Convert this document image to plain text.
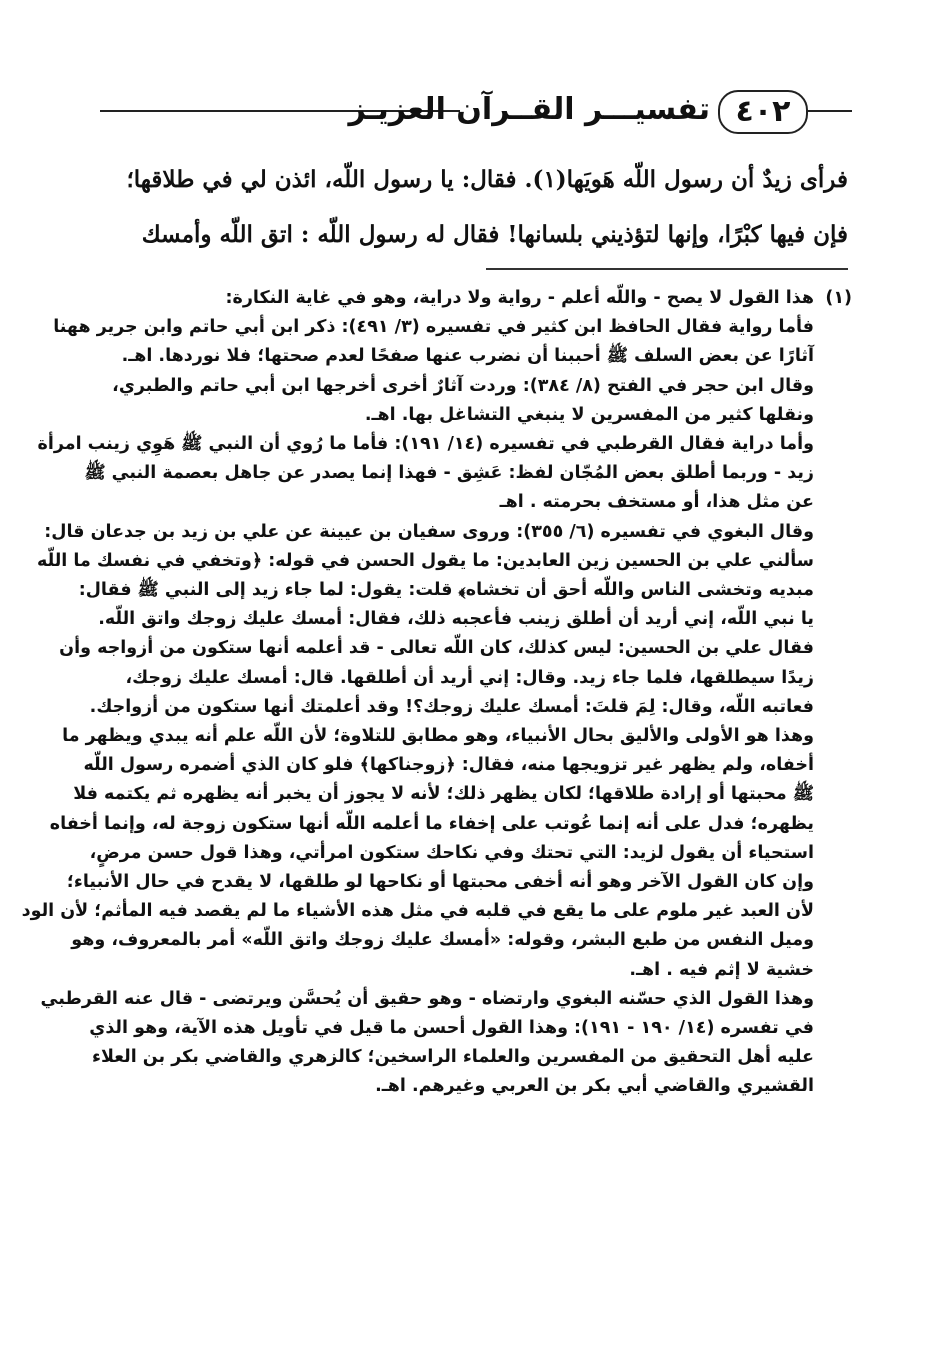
٤٠٢
تفسيـــر القــرآن العزيـز

فرأى زيدٌ أن رسول اللّه هَويَها(١). فقال: يا رسول اللّه، ائذن لي في طلاقها؛

فإن فيها كبْرًا، وإنها لتؤذيني بلسانها! فقال له رسول اللّه : اتق اللّه وأمسك

(١)هذا القول لا يصح - واللّه أعلم - رواية ولا دراية، وهو في غاية النكارة:

فأما رواية فقال الحافظ ابن كثير في تفسيره (٣/ ٤٩١): ذكر ابن أبي حاتم وابن جرير ههنا

آثارًا عن بعض السلف ﷺ أحببنا أن نضرب عنها صفحًا لعدم صحتها؛ فلا نوردها. اهـ.

وقال ابن حجر في الفتح (٨/ ٣٨٤): وردت آثارٌ أخرى أخرجها ابن أبي حاتم والطبري،

ونقلها كثير من المفسرين لا ينبغي التشاغل بها. اهـ.

وأما دراية فقال القرطبي في تفسيره (١٤/ ١٩١): فأما ما رُوي أن النبي ﷺ هَوِي زينب امرأة

زيد - وربما أطلق بعض المُجّان لفظ: عَشِق - فهذا إنما يصدر عن جاهل بعصمة النبي ﷺ

عن مثل هذا، أو مستخف بحرمته . اهـ

وقال البغوي في تفسيره (٦/ ٣٥٥): وروى سفيان بن عيينة عن علي بن زيد بن جدعان قال:

سألني علي بن الحسين زين العابدين: ما يقول الحسن في قوله: ﴿وتخفي في نفسك ما اللّه

مبديه وتخشى الناس واللّه أحق أن تخشاه﴾ قلت: يقول: لما جاء زيد إلى النبي ﷺ فقال:

يا نبي اللّه، إني أريد أن أطلق زينب فأعجبه ذلك، فقال: أمسك عليك زوجك واتق اللّه.

فقال علي بن الحسين: ليس كذلك، كان اللّه تعالى - قد أعلمه أنها ستكون من أزواجه وأن

زيدًا سيطلقها، فلما جاء زيد. وقال: إني أريد أن أطلقها. قال: أمسك عليك زوجك،

فعاتبه اللّه، وقال: لِمَ قلتَ: أمسك عليك زوجك؟! وقد أعلمتك أنها ستكون من أزواجك.

وهذا هو الأولى والأليق بحال الأنبياء، وهو مطابق للتلاوة؛ لأن اللّه علم أنه يبدي ويظهر ما

أخفاه، ولم يظهر غير تزويجها منه، فقال: ﴿زوجناكها﴾ فلو كان الذي أضمره رسول اللّه

ﷺ محبتها أو إرادة طلاقها؛ لكان يظهر ذلك؛ لأنه لا يجوز أن يخبر أنه يظهره ثم يكتمه فلا

يظهره؛ فدل على أنه إنما عُوتب على إخفاء ما أعلمه اللّه أنها ستكون زوجة له، وإنما أخفاه

استحياء أن يقول لزيد: التي تحتك وفي نكاحك ستكون امرأتي، وهذا قول حسن مرضٍ،

وإن كان القول الآخر وهو أنه أخفى محبتها أو نكاحها لو طلقها، لا يقدح في حال الأنبياء؛

لأن العبد غير ملوم على ما يقع في قلبه في مثل هذه الأشياء ما لم يقصد فيه المأثم؛ لأن الود

وميل النفس من طبع البشر، وقوله: «أمسك عليك زوجك واتق اللّه» أمر بالمعروف، وهو

خشية لا إثم فيه . اهـ.

وهذا القول الذي حسّنه البغوي وارتضاه - وهو حقيق أن يُحسَّن ويرتضى - قال عنه القرطبي

في تفسره (١٤/ ١٩٠ - ١٩١): وهذا القول أحسن ما قيل في تأويل هذه الآية، وهو الذي

عليه أهل التحقيق من المفسرين والعلماء الراسخين؛ كالزهري والقاضي بكر بن العلاء

القشيري والقاضي أبي بكر بن العربي وغيرهم. اهـ.
